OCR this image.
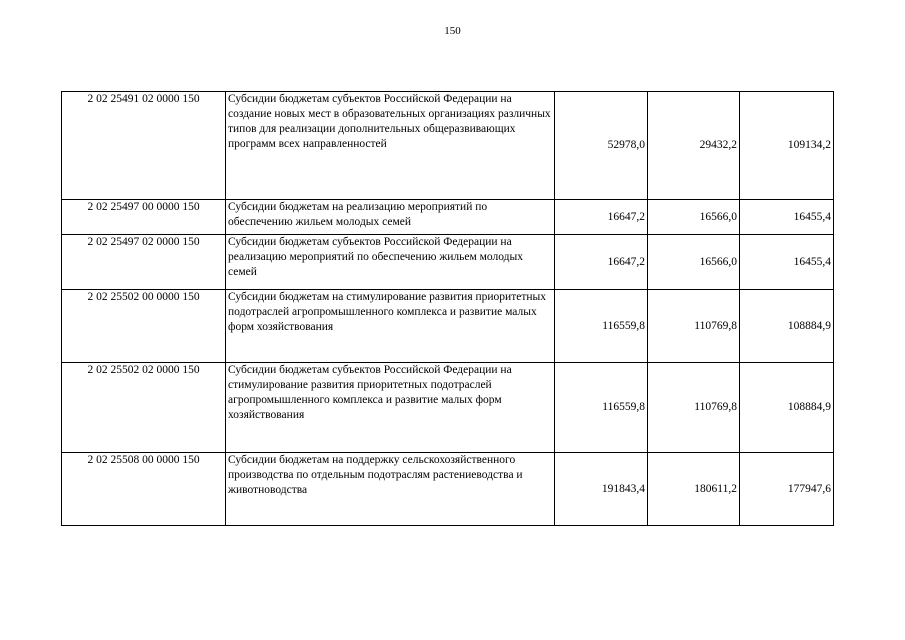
150
2 02 25491 02 0000 150	Субсидии бюджетам субъектов Российской Федерации на создание новых мест в образовательных организациях различных типов для реализации дополнительных общеразвивающих программ всех направленностей	52978,0	29432,2	109134,2
2 02 25497 00 0000 150	Субсидии бюджетам на реализацию мероприятий по обеспечению жильем молодых семей	16647,2	16566,0	16455,4
2 02 25497 02 0000 150	Субсидии бюджетам субъектов Российской Федерации на реализацию мероприятий по обеспечению жильем молодых семей	16647,2	16566,0	16455,4
2 02 25502 00 0000 150	Субсидии бюджетам на стимулирование развития приоритетных подотраслей агропромышленного комплекса и развитие малых форм хозяйствования	116559,8	110769,8	108884,9
2 02 25502 02 0000 150	Субсидии бюджетам субъектов Российской Федерации на стимулирование развития приоритетных подотраслей агропромышленного комплекса и развитие малых форм хозяйствования	116559,8	110769,8	108884,9
2 02 25508 00 0000 150	Субсидии бюджетам на поддержку сельскохозяйственного производства по отдельным подотраслям растениеводства и животноводства	191843,4	180611,2	177947,6
